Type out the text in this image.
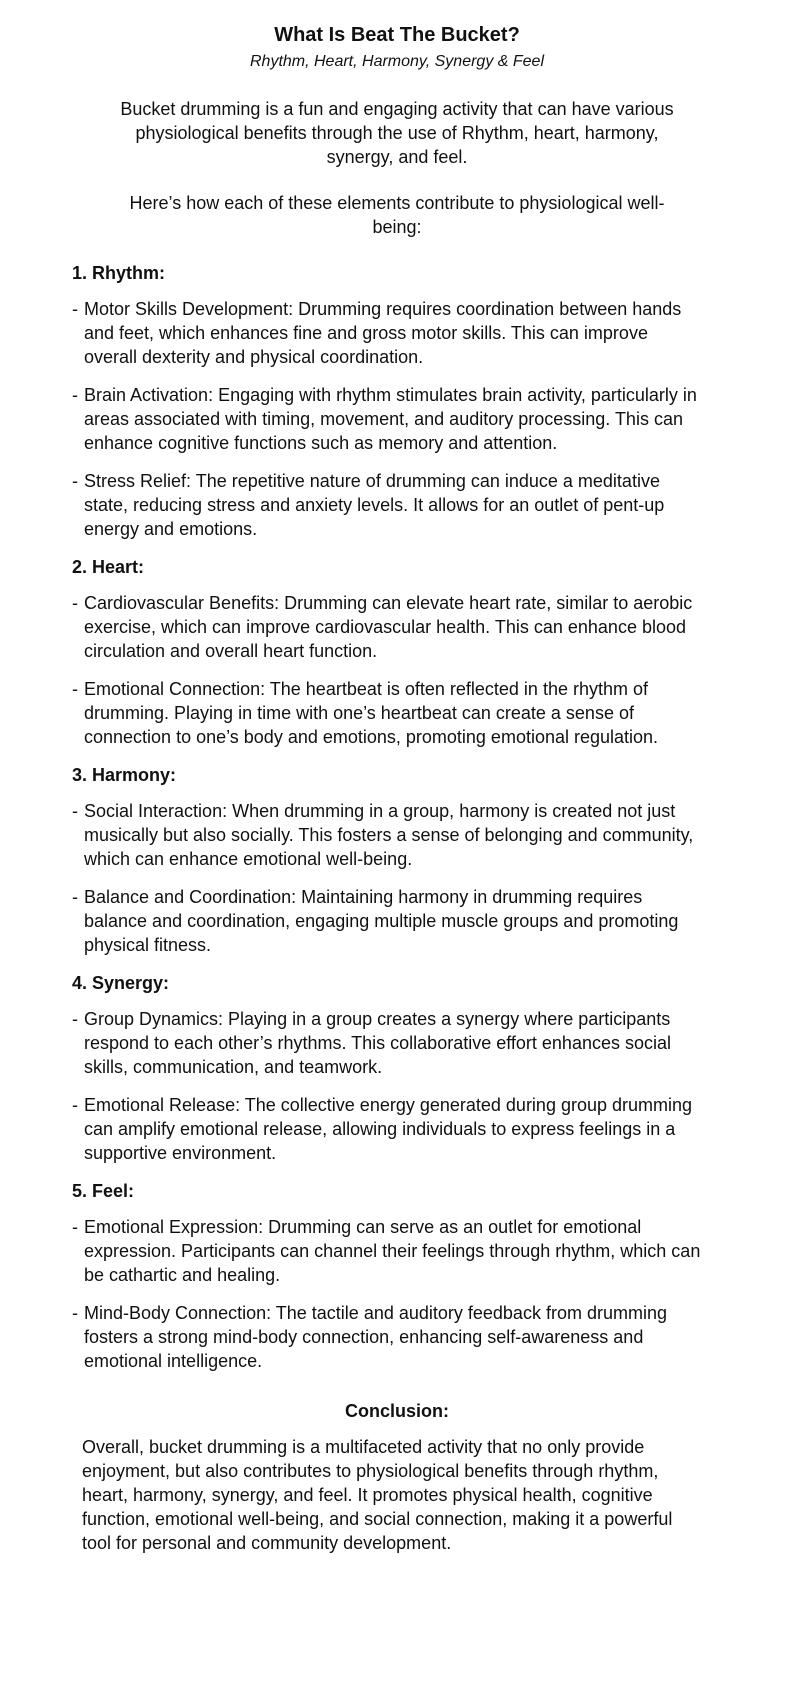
What Is Beat The Bucket?
Rhythm, Heart, Harmony, Synergy & Feel

Bucket drumming is a fun and engaging activity that can have various physiological benefits through the use of Rhythm, heart, harmony, synergy, and feel.

Here’s how each of these elements contribute to physiological well-being:

1. Rhythm:
- Motor Skills Development: Drumming requires coordination between hands and feet, which enhances fine and gross motor skills. This can improve overall dexterity and physical coordination.
- Brain Activation: Engaging with rhythm stimulates brain activity, particularly in areas associated with timing, movement, and auditory processing. This can enhance cognitive functions such as memory and attention.
- Stress Relief: The repetitive nature of drumming can induce a meditative state, reducing stress and anxiety levels. It allows for an outlet of pent-up energy and emotions.
2. Heart:
- Cardiovascular Benefits: Drumming can elevate heart rate, similar to aerobic exercise, which can improve cardiovascular health. This can enhance blood circulation and overall heart function.
- Emotional Connection: The heartbeat is often reflected in the rhythm of drumming. Playing in time with one’s heartbeat can create a sense of connection to one’s body and emotions, promoting emotional regulation.
3. Harmony:
- Social Interaction: When drumming in a group, harmony is created not just musically but also socially. This fosters a sense of belonging and community, which can enhance emotional well-being.
- Balance and Coordination: Maintaining harmony in drumming requires balance and coordination, engaging multiple muscle groups and promoting physical fitness.
4. Synergy:
- Group Dynamics: Playing in a group creates a synergy where participants respond to each other’s rhythms. This collaborative effort enhances social skills, communication, and teamwork.
- Emotional Release: The collective energy generated during group drumming can amplify emotional release, allowing individuals to express feelings in a supportive environment.
5. Feel:
- Emotional Expression: Drumming can serve as an outlet for emotional expression. Participants can channel their feelings through rhythm, which can be cathartic and healing.
- Mind-Body Connection: The tactile and auditory feedback from drumming fosters a strong mind-body connection, enhancing self-awareness and emotional intelligence.
Conclusion:
Overall, bucket drumming is a multifaceted activity that no only provide enjoyment, but also contributes to physiological benefits through rhythm, heart, harmony, synergy, and feel. It promotes physical health, cognitive function, emotional well-being, and social connection, making it a powerful tool for personal and community development.
